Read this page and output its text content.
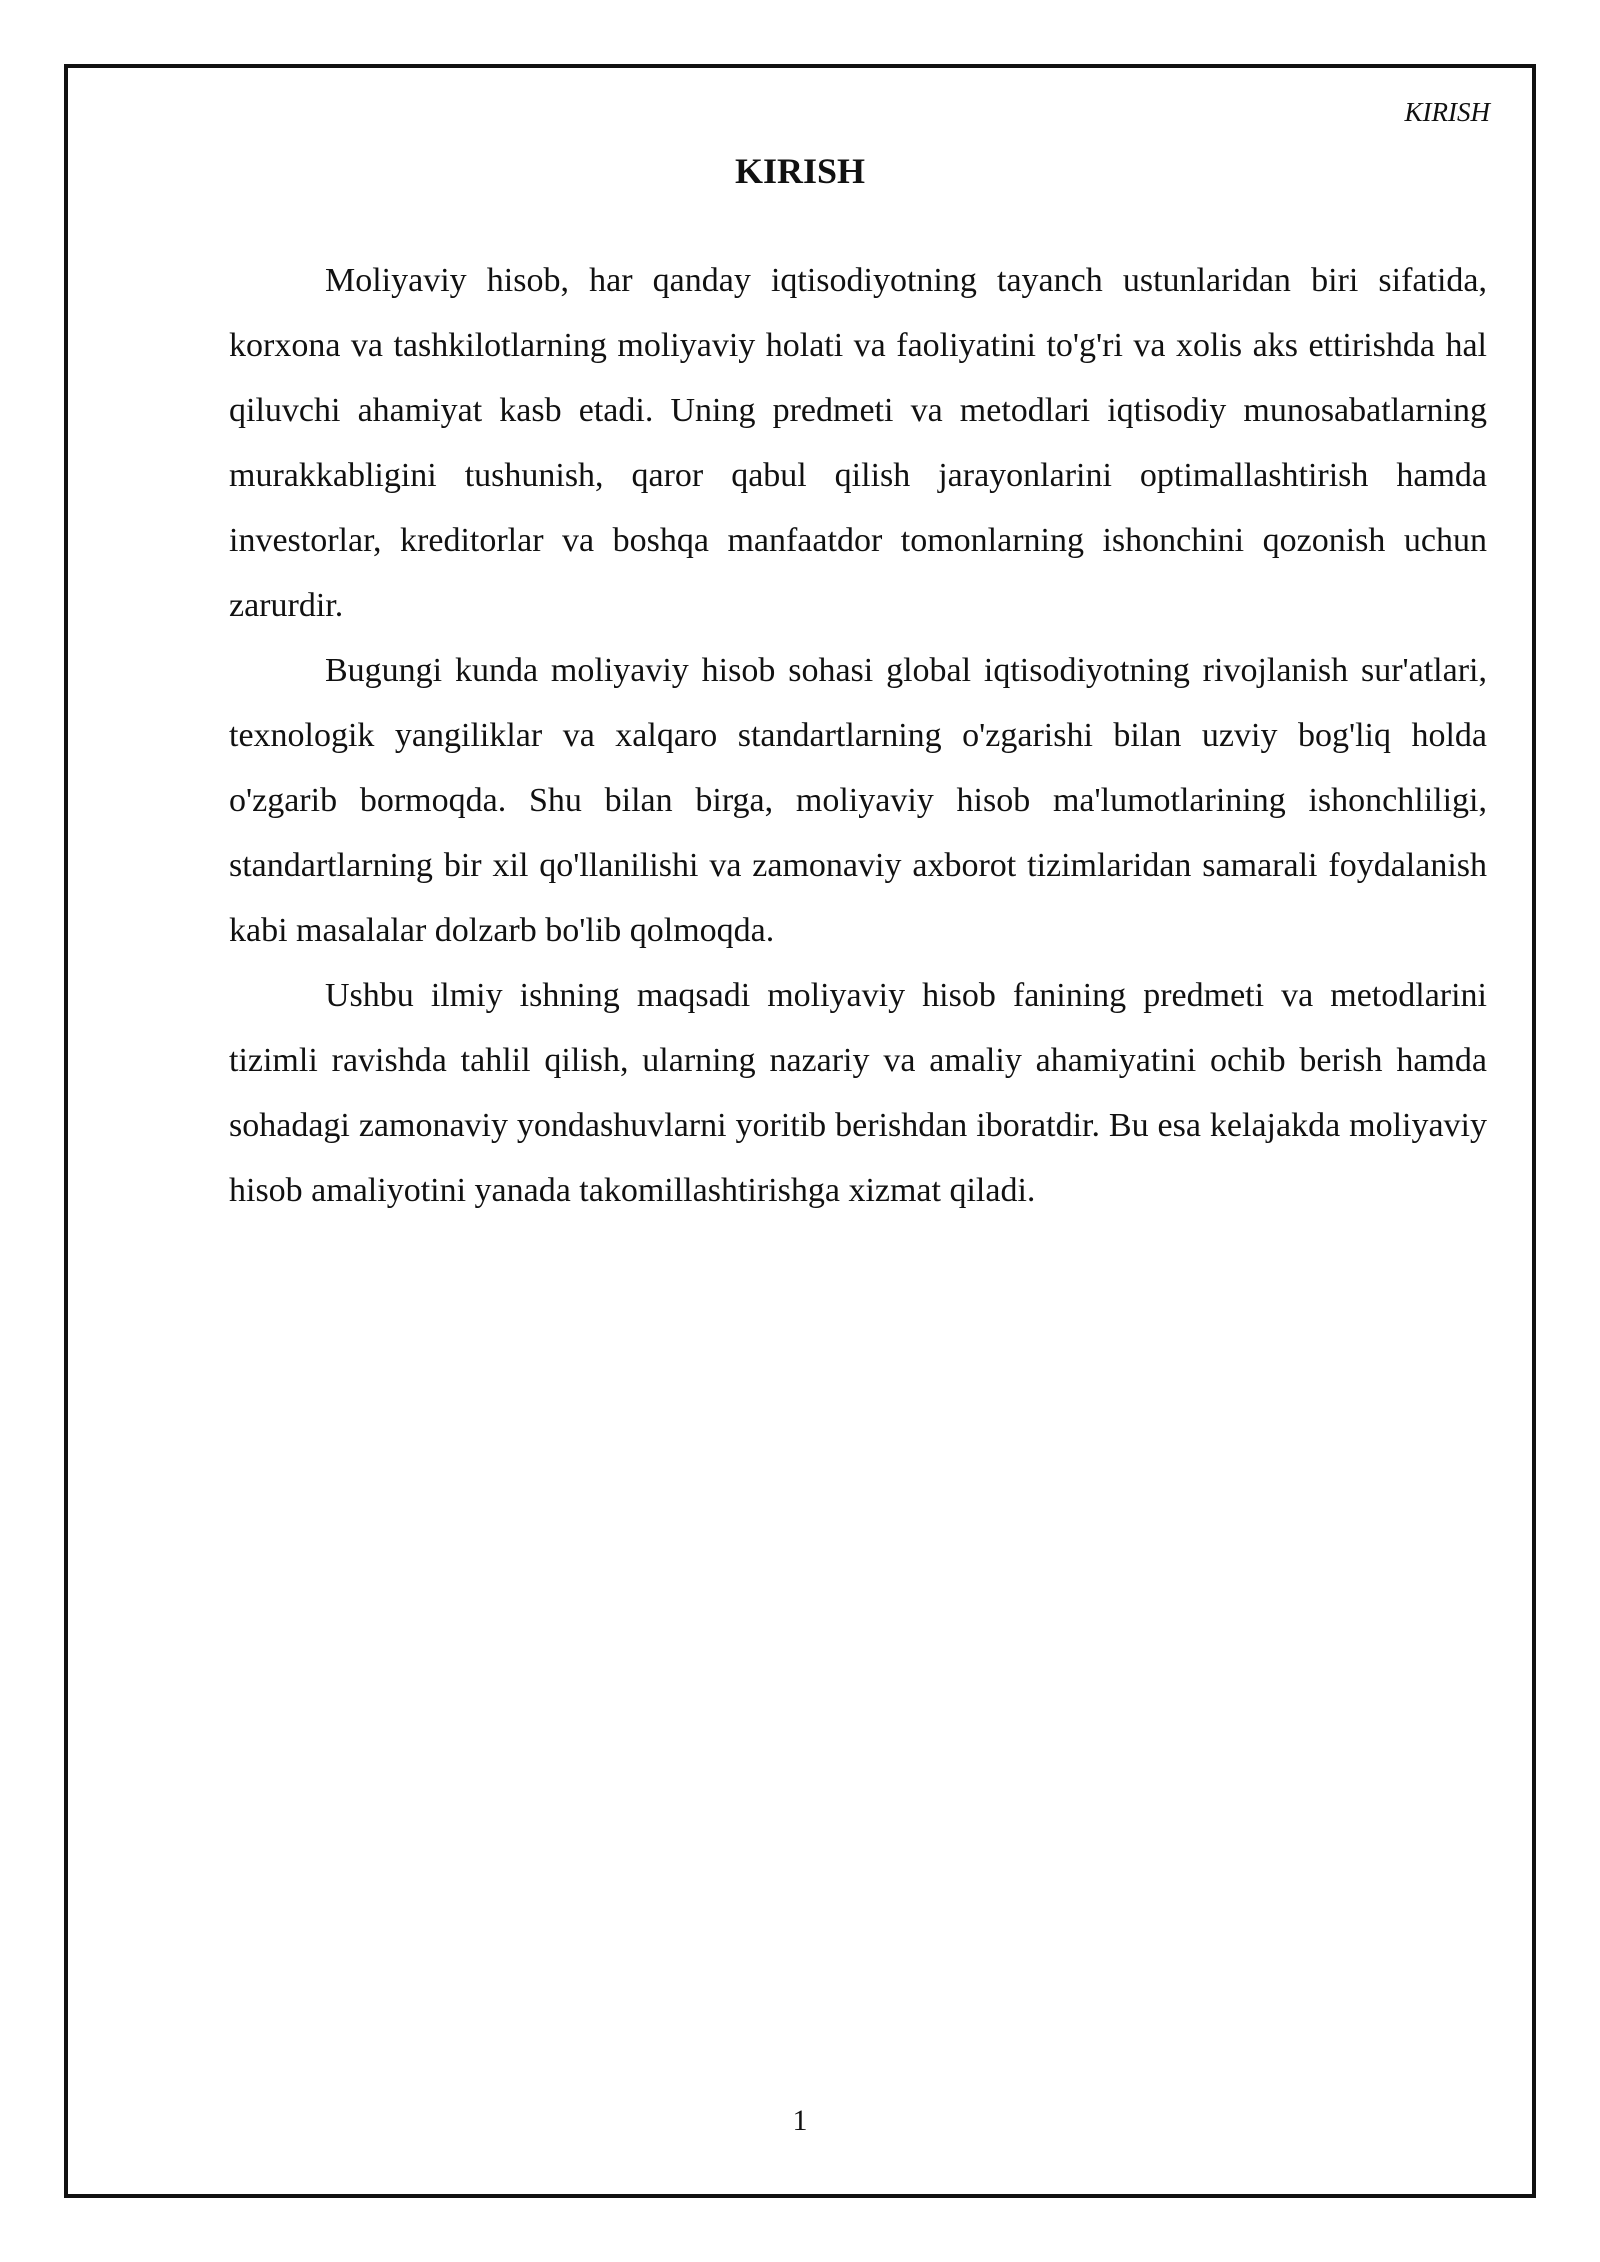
KIRISH
KIRISH

Moliyaviy hisob, har qanday iqtisodiyotning tayanch ustunlaridan biri sifatida, korxona va tashkilotlarning moliyaviy holati va faoliyatini to'g'ri va xolis aks ettirishda hal qiluvchi ahamiyat kasb etadi. Uning predmeti va metodlari iqtisodiy munosabatlarning murakkabligini tushunish, qaror qabul qilish jarayonlarini optimallashtirish hamda investorlar, kreditorlar va boshqa manfaatdor tomonlarning ishonchini qozonish uchun zarurdir.

Bugungi kunda moliyaviy hisob sohasi global iqtisodiyotning rivojlanish sur'atlari, texnologik yangiliklar va xalqaro standartlarning o'zgarishi bilan uzviy bog'liq holda o'zgarib bormoqda. Shu bilan birga, moliyaviy hisob ma'lumotlarining ishonchliligi, standartlarning bir xil qo'llanilishi va zamonaviy axborot tizimlaridan samarali foydalanish kabi masalalar dolzarb bo'lib qolmoqda.

Ushbu ilmiy ishning maqsadi moliyaviy hisob fanining predmeti va metodlarini tizimli ravishda tahlil qilish, ularning nazariy va amaliy ahamiyatini ochib berish hamda sohadagi zamonaviy yondashuvlarni yoritib berishdan iboratdir. Bu esa kelajakda moliyaviy hisob amaliyotini yanada takomillashtirishga xizmat qiladi.

1
